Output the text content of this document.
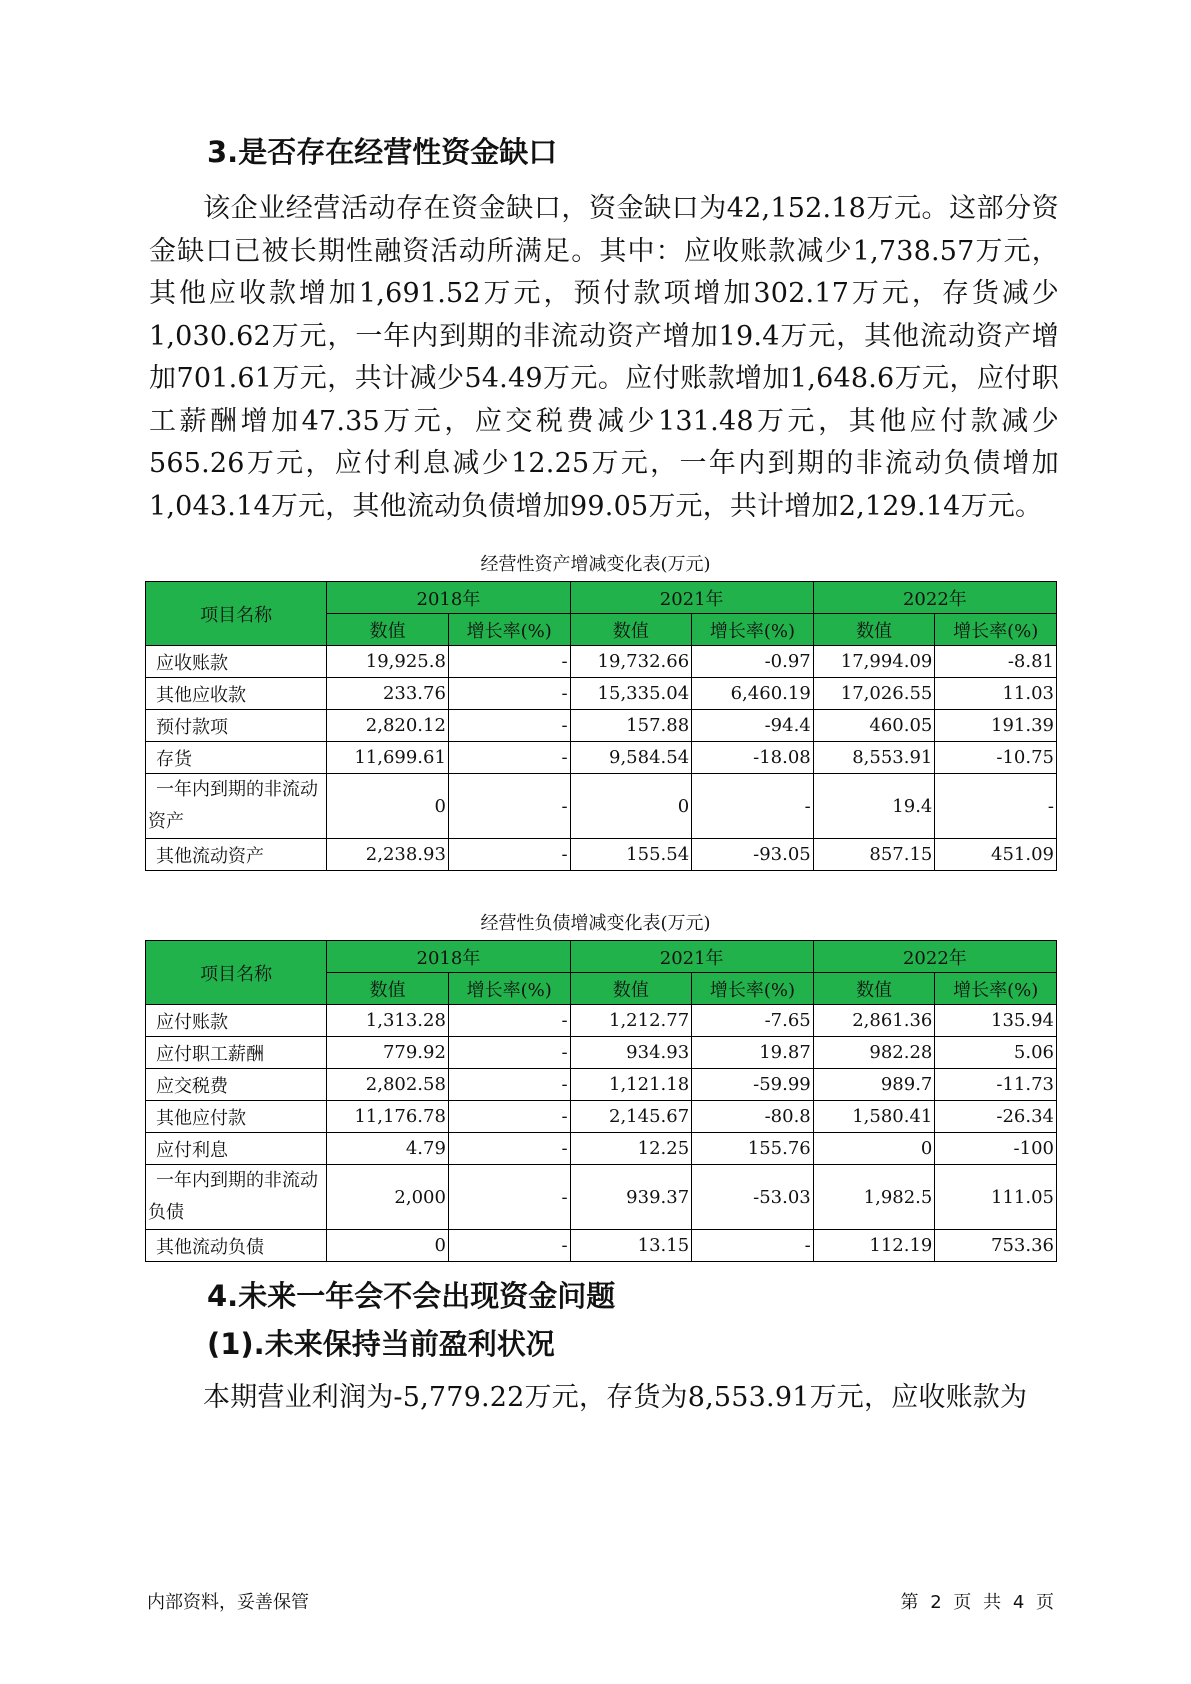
3.是否存在经营性资金缺口

该企业经营活动存在资金缺口，资金缺口为42,152.18万元。这部分资金缺口已被长期性融资活动所满足。其中：应收账款减少1,738.57万元，其他应收款增加1,691.52万元，预付款项增加302.17万元，存货减少1,030.62万元，一年内到期的非流动资产增加19.4万元，其他流动资产增加701.61万元，共计减少54.49万元。应付账款增加1,648.6万元，应付职工薪酬增加47.35万元，应交税费减少131.48万元，其他应付款减少565.26万元，应付利息减少12.25万元，一年内到期的非流动负债增加1,043.14万元，其他流动负债增加99.05万元，共计增加2,129.14万元。

经营性资产增减变化表(万元)
项目名称	2018年		2021年		2022年	
	数值	增长率(%)	数值	增长率(%)	数值	增长率(%)
应收账款	19,925.8	-	19,732.66	-0.97	17,994.09	-8.81
其他应收款	233.76	-	15,335.04	6,460.19	17,026.55	11.03
预付款项	2,820.12	-	157.88	-94.4	460.05	191.39
存货	11,699.61	-	9,584.54	-18.08	8,553.91	-10.75
一年内到期的非流动资产	0	-	0	-	19.4	-
其他流动资产	2,238.93	-	155.54	-93.05	857.15	451.09
经营性负债增减变化表(万元)
项目名称	2018年		2021年		2022年	
	数值	增长率(%)	数值	增长率(%)	数值	增长率(%)
应付账款	1,313.28	-	1,212.77	-7.65	2,861.36	135.94
应付职工薪酬	779.92	-	934.93	19.87	982.28	5.06
应交税费	2,802.58	-	1,121.18	-59.99	989.7	-11.73
其他应付款	11,176.78	-	2,145.67	-80.8	1,580.41	-26.34
应付利息	4.79	-	12.25	155.76	0	-100
一年内到期的非流动负债	2,000	-	939.37	-53.03	1,982.5	111.05
其他流动负债	0	-	13.15	-	112.19	753.36
4.未来一年会不会出现资金问题
(1).未来保持当前盈利状况

本期营业利润为-5,779.22万元，存货为8,553.91万元，应收账款为

内部资料，妥善保管	第 2 页 共 4 页
